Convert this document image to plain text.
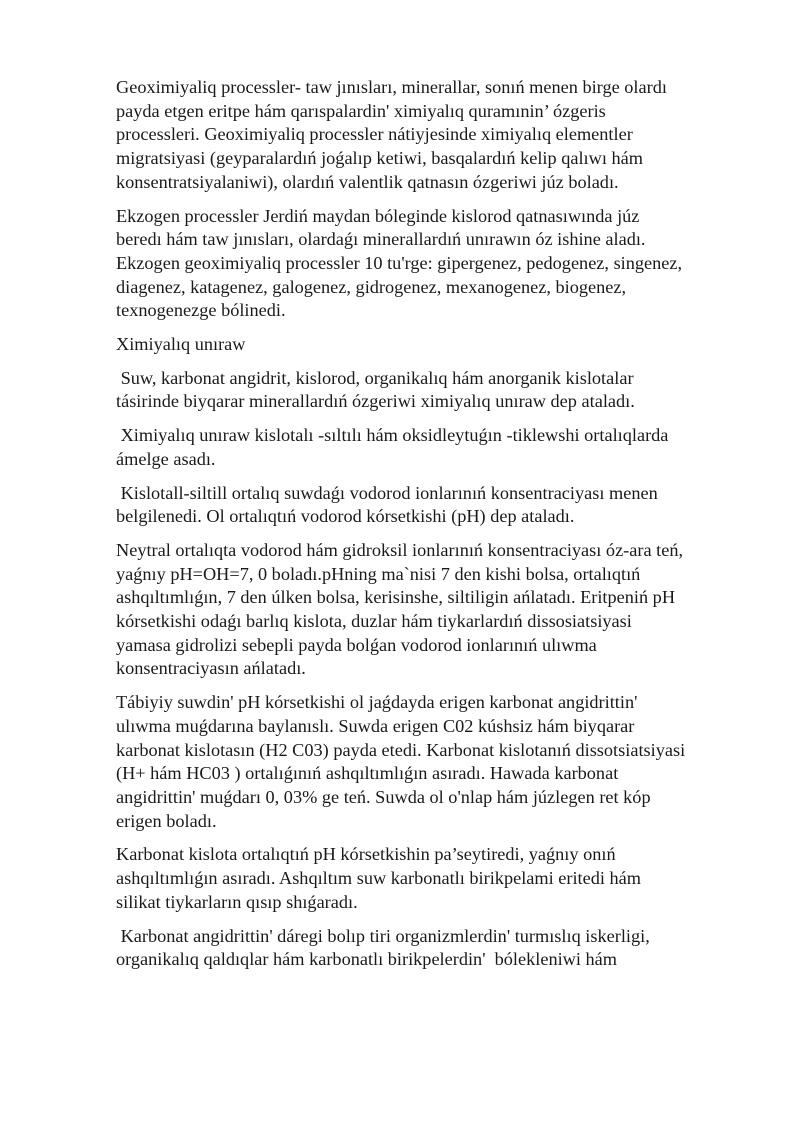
Geoximiyaliq processler- taw jınısları, minerallar, sonıń menen birge olardı
payda etgen eritpe hám qarıspalardin' ximiyalıq quramınin’ ózgeris
processleri. Geoximiyaliq processler nátiyjesinde ximiyalıq elementler
migratsiyasi (geyparalardıń joǵalıp ketiwi, basqalardıń kelip qalıwı hám
konsentratsiyalaniwi), olardıń valentlik qatnasın ózgeriwi júz boladı.

Ekzogen processler Jerdiń maydan bóleginde kislorod qatnasıwında júz
beredı hám taw jınısları, olardaǵı minerallardıń unırawın óz ishine aladı.
Ekzogen geoximiyaliq processler 10 tu'rge: gipergenez, pedogenez, singenez,
diagenez, katagenez, galogenez, gidrogenez, mexanogenez, biogenez,
texnogenezge bólinedi.

Ximiyalıq unıraw

Suw, karbonat angidrit, kislorod, organikalıq hám anorganik kislotalar
tásirinde biyqarar minerallardıń ózgeriwi ximiyalıq unıraw dep ataladı.

Ximiyalıq unıraw kislotalı -sıltılı hám oksidleytuǵın -tiklewshi ortalıqlarda
ámelge asadı.

Kislotall-siltill ortalıq suwdaǵı vodorod ionlarınıń konsentraciyası menen
belgilenedi. Ol ortalıqtıń vodorod kórsetkishi (pH) dep ataladı.

Neytral ortalıqta vodorod hám gidroksil ionlarınıń konsentraciyası óz-ara teń,
yaǵnıy pH=OH=7, 0 boladı.pHning ma`nisi 7 den kishi bolsa, ortalıqtıń
ashqıltımlıǵın, 7 den úlken bolsa, kerisinshe, siltiligin ańlatadı. Eritpeniń pH
kórsetkishi odaǵı barlıq kislota, duzlar hám tiykarlardıń dissosiatsiyasi
yamasa gidrolizi sebepli payda bolǵan vodorod ionlarınıń ulıwma
konsentraciyasın ańlatadı.

Tábiyiy suwdin' pH kórsetkishi ol jaǵdayda erigen karbonat angidrittin'
ulıwma muǵdarına baylanıslı. Suwda erigen C02 kúshsiz hám biyqarar
karbonat kislotasın (H2 C03) payda etedi. Karbonat kislotanıń dissotsiatsiyasi
(H+ hám HC03 ) ortalıǵınıń ashqıltımlıǵın asıradı. Hawada karbonat
angidrittin' muǵdarı 0, 03% ge teń. Suwda ol o'nlap hám júzlegen ret kóp
erigen boladı.

Karbonat kislota ortalıqtıń pH kórsetkishin pa’seytiredi, yaǵnıy onıń
ashqıltımlıǵın asıradı. Ashqıltım suw karbonatlı birikpelami eritedi hám
silikat tiykarların qısıp shıǵaradı.

Karbonat angidrittin' dáregi bolıp tiri organizmlerdin' turmıslıq iskerligi,
organikalıq qaldıqlar hám karbonatlı birikpelerdin'  bólekleniwi hám
